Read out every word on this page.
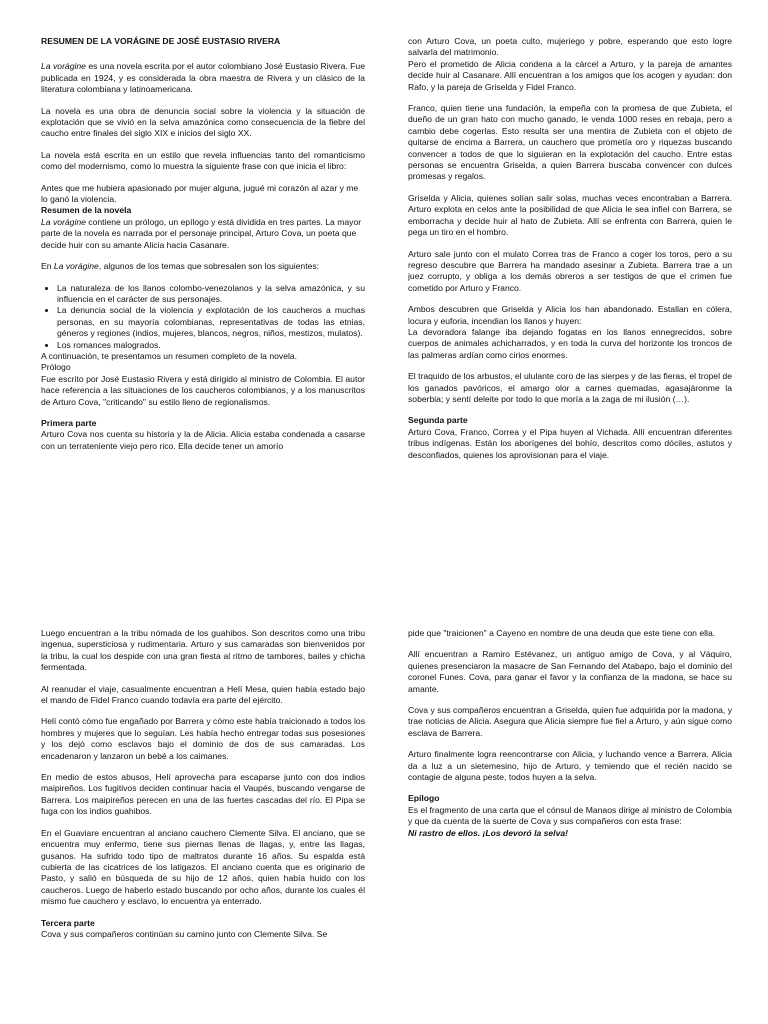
RESUMEN DE LA VORÁGINE DE JOSÉ EUSTASIO RIVERA

La vorágine es una novela escrita por el autor colombiano José Eustasio Rivera. Fue publicada en 1924, y es considerada la obra maestra de Rivera y un clásico de la literatura colombiana y latinoamericana.

La novela es una obra de denuncia social sobre la violencia y la situación de explotación que se vivió en la selva amazónica como consecuencia de la fiebre del caucho entre finales del siglo XIX e inicios del siglo XX.

La novela está escrita en un estilo que revela influencias tanto del romanticismo como del modernismo, como lo muestra la siguiente frase con que inicia el libro:

Antes que me hubiera apasionado por mujer alguna, jugué mi corazón al azar y me lo ganó la violencia.

Resumen de la novela

La vorágine contiene un prólogo, un epílogo y está dividida en tres partes. La mayor parte de la novela es narrada por el personaje principal, Arturo Cova, un poeta que decide huir con su amante Alicia hacia Casanare.

En La vorágine, algunos de los temas que sobresalen son los siguientes:

• La naturaleza de los llanos colombo-venezolanos y la selva amazónica, y su influencia en el carácter de sus personajes.
• La denuncia social de la violencia y explotación de los caucheros a muchas personas, en su mayoría colombianas, representativas de todas las etnias, géneros y regiones (indios, mujeres, blancos, negros, niños, mestizos, mulatos).
• Los romances malogrados.

A continuación, te presentamos un resumen completo de la novela.

Prólogo

Fue escrito por José Eustasio Rivera y está dirigido al ministro de Colombia. El autor hace referencia a las situaciones de los caucheros colombianos, y a los manuscritos de Arturo Cova, "criticando" su estilo lleno de regionalismos.

Primera parte

Arturo Cova nos cuenta su historia y la de Alicia. Alicia estaba condenada a casarse con un terrateniente viejo pero rico. Ella decide tener un amorío

con Arturo Cova, un poeta culto, mujeriego y pobre, esperando que esto logre salvarla del matrimonio.

Pero el prometido de Alicia condena a la cárcel a Arturo, y la pareja de amantes decide huir al Casanare. Allí encuentran a los amigos que los acogen y ayudan: don Rafo, y la pareja de Griselda y Fidel Franco.

Franco, quien tiene una fundación, la empeña con la promesa de que Zubieta, el dueño de un gran hato con mucho ganado, le venda 1000 reses en rebaja, pero a cambio debe cogerlas. Esto resulta ser una mentira de Zubieta con el objeto de quitarse de encima a Barrera, un cauchero que prometía oro y riquezas buscando convencer a todos de que lo siguieran en la explotación del caucho. Entre estas personas se encuentra Griselda, a quien Barrera buscaba convencer con dulces promesas y regalos.

Griselda y Alicia, quienes solían salir solas, muchas veces encontraban a Barrera. Arturo explota en celos ante la posibilidad de que Alicia le sea infiel con Barrera, se emborracha y decide huir al hato de Zubieta. Allí se enfrenta con Barrera, quien le pega un tiro en el hombro.

Arturo sale junto con el mulato Correa tras de Franco a coger los toros, pero a su regreso descubre que Barrera ha mandado asesinar a Zubieta. Barrera trae a un juez corrupto, y obliga a los demás obreros a ser testigos de que el crimen fue cometido por Arturo y Franco.

Ambos descubren que Griselda y Alicia los han abandonado. Estallan en cólera, locura y euforia, incendian los llanos y huyen:

La devoradora falange iba dejando fogatas en los llanos ennegrecidos, sobre cuerpos de animales achicharrados, y en toda la curva del horizonte los troncos de las palmeras ardían como cirios enormes.

El traquido de los arbustos, el ululante coro de las sierpes y de las fieras, el tropel de los ganados pavóricos, el amargo olor a carnes quemadas, agasajáronme la soberbia; y sentí deleite por todo lo que moría a la zaga de mi ilusión (…).

Segunda parte

Arturo Cova, Franco, Correa y el Pipa huyen al Vichada. Allí encuentran diferentes tribus indígenas. Están los aborígenes del bohío, descritos como dóciles, astutos y desconfiados, quienes los aprovisionan para el viaje.

Luego encuentran a la tribu nómada de los guahibos. Son descritos como una tribu ingenua, supersticiosa y rudimentaria. Arturo y sus camaradas son bienvenidos por la tribu, la cual los despide con una gran fiesta al ritmo de tambores, bailes y chicha fermentada.

Al reanudar el viaje, casualmente encuentran a Helí Mesa, quien había estado bajo el mando de Fidel Franco cuando todavía era parte del ejército.

Helí contó cómo fue engañado por Barrera y cómo este había traicionado a todos los hombres y mujeres que lo seguían. Les había hecho entregar todas sus posesiones y los dejó como esclavos bajo el dominio de dos de sus camaradas. Los encadenaron y lanzaron un bebé a los caimanes.

En medio de estos abusos, Helí aprovecha para escaparse junto con dos indios maipireños. Los fugitivos deciden continuar hacia el Vaupés, buscando vengarse de Barrera. Los maipireños perecen en una de las fuertes cascadas del río. El Pipa se fuga con los indios guahibos.

En el Guaviare encuentran al anciano cauchero Clemente Silva. El anciano, que se encuentra muy enfermo, tiene sus piernas llenas de llagas, y, entre las llagas, gusanos. Ha sufrido todo tipo de maltratos durante 16 años. Su espalda está cubierta de las cicatrices de los latigazos. El anciano cuenta que es originario de Pasto, y salió en búsqueda de su hijo de 12 años, quien había huido con los caucheros. Luego de haberlo estado buscando por ocho años, durante los cuales él mismo fue cauchero y esclavo, lo encuentra ya enterrado.

Tercera parte

Cova y sus compañeros continúan su camino junto con Clemente Silva. Se

pide que "traicionen" a Cayeno en nombre de una deuda que este tiene con ella.

Allí encuentran a Ramiro Estévanez, un antiguo amigo de Cova, y al Váquiro, quienes presenciaron la masacre de San Fernando del Atabapo, bajo el dominio del coronel Funes. Cova, para ganar el favor y la confianza de la madona, se hace su amante.

Cova y sus compañeros encuentran a Griselda, quien fue adquirida por la madona, y trae noticias de Alicia. Asegura que Alicia siempre fue fiel a Arturo, y aún sigue como esclava de Barrera.

Arturo finalmente logra reencontrarse con Alicia, y luchando vence a Barrera. Alicia da a luz a un sietemesino, hijo de Arturo, y temiendo que el recién nacido se contagie de alguna peste, todos huyen a la selva.

Epílogo

Es el fragmento de una carta que el cónsul de Manaos dirige al ministro de Colombia y que da cuenta de la suerte de Cova y sus compañeros con esta frase:

Ni rastro de ellos. ¡Los devoró la selva!
